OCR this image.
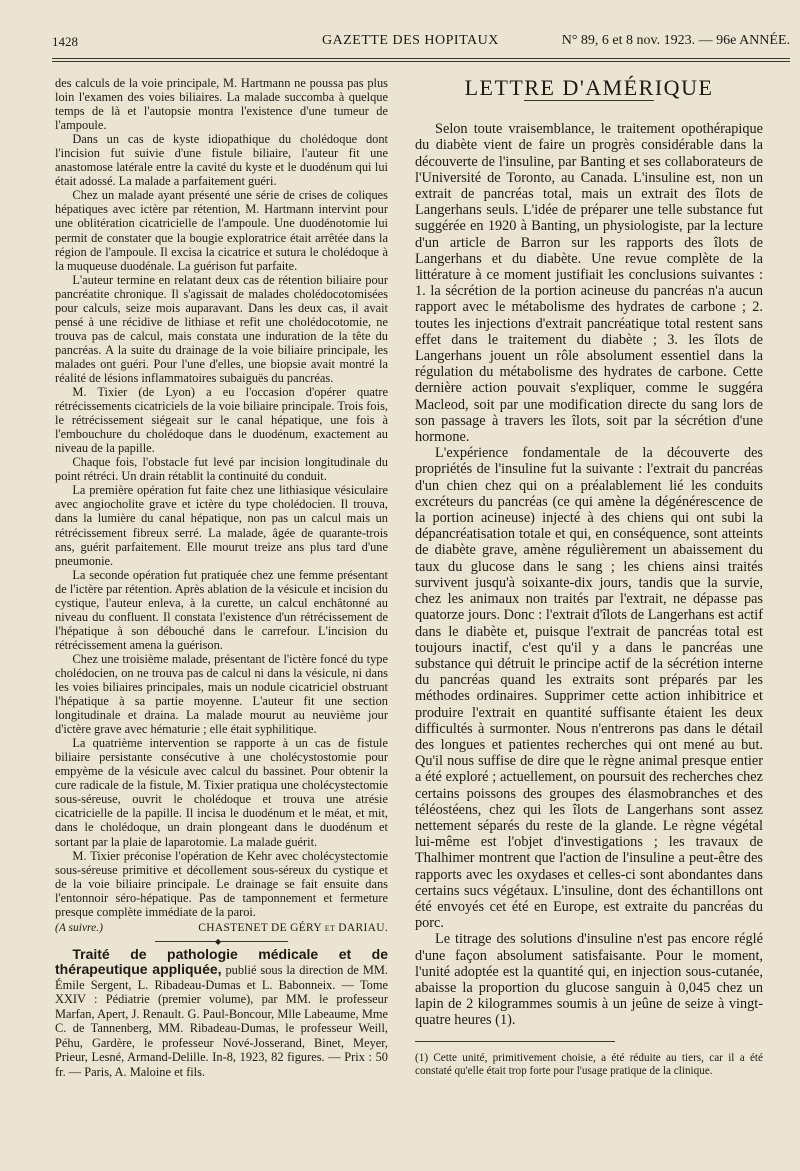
1428	GAZETTE DES HOPITAUX	N° 89, 6 et 8 nov. 1923. — 96e ANNÉE.

des calculs de la voie principale, M. Hartmann ne poussa pas plus loin l'examen des voies biliaires. La malade succomba à quelque temps de là et l'autopsie montra l'existence d'une tumeur de l'ampoule.

Dans un cas de kyste idiopathique du cholédoque dont l'incision fut suivie d'une fistule biliaire, l'auteur fit une anastomose latérale entre la cavité du kyste et le duodénum qui lui était adossé. La malade a parfaitement guéri.

Chez un malade ayant présenté une série de crises de coliques hépatiques avec ictère par rétention, M. Hartmann intervint pour une oblitération cicatricielle de l'ampoule. Une duodénotomie lui permit de constater que la bougie exploratrice était arrêtée dans la région de l'ampoule. Il excisa la cicatrice et sutura le cholédoque à la muqueuse duodénale. La guérison fut parfaite.

L'auteur termine en relatant deux cas de rétention biliaire pour pancréatite chronique. Il s'agissait de malades cholédocotomisées pour calculs, seize mois auparavant. Dans les deux cas, il avait pensé à une récidive de lithiase et refit une cholédocotomie, ne trouva pas de calcul, mais constata une induration de la tête du pancréas. A la suite du drainage de la voie biliaire principale, les malades ont guéri. Pour l'une d'elles, une biopsie avait montré la réalité de lésions inflammatoires subaiguës du pancréas.

M. Tixier (de Lyon) a eu l'occasion d'opérer quatre rétrécissements cicatriciels de la voie biliaire principale. Trois fois, le rétrécissement siégeait sur le canal hépatique, une fois à l'embouchure du cholédoque dans le duodénum, exactement au niveau de la papille.

Chaque fois, l'obstacle fut levé par incision longitudinale du point rétréci. Un drain rétablit la continuité du conduit.

La première opération fut faite chez une lithiasique vésiculaire avec angiocholite grave et ictère du type cholédocien. Il trouva, dans la lumière du canal hépatique, non pas un calcul mais un rétrécissement fibreux serré. La malade, âgée de quarante-trois ans, guérit parfaitement. Elle mourut treize ans plus tard d'une pneumonie.

La seconde opération fut pratiquée chez une femme présentant de l'ictère par rétention. Après ablation de la vésicule et incision du cystique, l'auteur enleva, à la curette, un calcul enchâtonné au niveau du confluent. Il constata l'existence d'un rétrécissement de l'hépatique à son débouché dans le carrefour. L'incision du rétrécissement amena la guérison.

Chez une troisième malade, présentant de l'ictère foncé du type cholédocien, on ne trouva pas de calcul ni dans la vésicule, ni dans les voies biliaires principales, mais un nodule cicatriciel obstruant l'hépatique à sa partie moyenne. L'auteur fit une section longitudinale et draina. La malade mourut au neuvième jour d'ictère grave avec hématurie ; elle était syphilitique.

La quatrième intervention se rapporte à un cas de fistule biliaire persistante consécutive à une cholécystostomie pour empyème de la vésicule avec calcul du bassinet. Pour obtenir la cure radicale de la fistule, M. Tixier pratiqua une cholécystectomie sous-séreuse, ouvrit le cholédoque et trouva une atrésie cicatricielle de la papille. Il incisa le duodénum et le méat, et mit, dans le cholédoque, un drain plongeant dans le duodénum et sortant par la plaie de laparotomie. La malade guérit.

M. Tixier préconise l'opération de Kehr avec cholécystectomie sous-séreuse primitive et décollement sous-séreux du cystique et de la voie biliaire principale. Le drainage se fait ensuite dans l'entonnoir séro-hépatique. Pas de tamponnement et fermeture presque complète immédiate de la paroi.

(A suivre.)	CHASTENET DE GÉRY et DARIAU.
◆

Traité de pathologie médicale et de thérapeutique appliquée, publié sous la direction de MM. Émile Sergent, L. Ribadeau-Dumas et L. Babonneix. — Tome XXIV : Pédiatrie (premier volume), par MM. le professeur Marfan, Apert, J. Renault. G. Paul-Boncour, Mlle Labeaume, Mme C. de Tannenberg, MM. Ribadeau-Dumas, le professeur Weill, Péhu, Gardère, le professeur Nové-Josserand, Binet, Meyer, Prieur, Lesné, Armand-Delille. In-8, 1923, 82 figures. — Prix : 50 fr. — Paris, A. Maloine et fils.

LETTRE D'AMÉRIQUE

Selon toute vraisemblance, le traitement opothérapique du diabète vient de faire un progrès considérable dans la découverte de l'insuline, par Banting et ses collaborateurs de l'Université de Toronto, au Canada. L'insuline est, non un extrait de pancréas total, mais un extrait des îlots de Langerhans seuls. L'idée de préparer une telle substance fut suggérée en 1920 à Banting, un physiologiste, par la lecture d'un article de Barron sur les rapports des îlots de Langerhans et du diabète. Une revue complète de la littérature à ce moment justifiait les conclusions suivantes : 1. la sécrétion de la portion acineuse du pancréas n'a aucun rapport avec le métabolisme des hydrates de carbone ; 2. toutes les injections d'extrait pancréatique total restent sans effet dans le traitement du diabète ; 3. les îlots de Langerhans jouent un rôle absolument essentiel dans la régulation du métabolisme des hydrates de carbone. Cette dernière action pouvait s'expliquer, comme le suggéra Macleod, soit par une modification directe du sang lors de son passage à travers les îlots, soit par la sécrétion d'une hormone.

L'expérience fondamentale de la découverte des propriétés de l'insuline fut la suivante : l'extrait du pancréas d'un chien chez qui on a préalablement lié les conduits excréteurs du pancréas (ce qui amène la dégénérescence de la portion acineuse) injecté à des chiens qui ont subi la dépancréatisation totale et qui, en conséquence, sont atteints de diabète grave, amène régulièrement un abaissement du taux du glucose dans le sang ; les chiens ainsi traités survivent jusqu'à soixante-dix jours, tandis que la survie, chez les animaux non traités par l'extrait, ne dépasse pas quatorze jours. Donc : l'extrait d'îlots de Langerhans est actif dans le diabète et, puisque l'extrait de pancréas total est toujours inactif, c'est qu'il y a dans le pancréas une substance qui détruit le principe actif de la sécrétion interne du pancréas quand les extraits sont préparés par les méthodes ordinaires. Supprimer cette action inhibitrice et produire l'extrait en quantité suffisante étaient les deux difficultés à surmonter. Nous n'entrerons pas dans le détail des longues et patientes recherches qui ont mené au but. Qu'il nous suffise de dire que le règne animal presque entier a été exploré ; actuellement, on poursuit des recherches chez certains poissons des groupes des élasmobranches et des téléostéens, chez qui les îlots de Langerhans sont assez nettement séparés du reste de la glande. Le règne végétal lui-même est l'objet d'investigations ; les travaux de Thalhimer montrent que l'action de l'insuline a peut-être des rapports avec les oxydases et celles-ci sont abondantes dans certains sucs végétaux. L'insuline, dont des échantillons ont été envoyés cet été en Europe, est extraite du pancréas du porc.

Le titrage des solutions d'insuline n'est pas encore réglé d'une façon absolument satisfaisante. Pour le moment, l'unité adoptée est la quantité qui, en injection sous-cutanée, abaisse la proportion du glucose sanguin à 0,045 chez un lapin de 2 kilogrammes soumis à un jeûne de seize à vingt-quatre heures (1).

(1) Cette unité, primitivement choisie, a été réduite au tiers, car il a été constaté qu'elle était trop forte pour l'usage pratique de la clinique.
